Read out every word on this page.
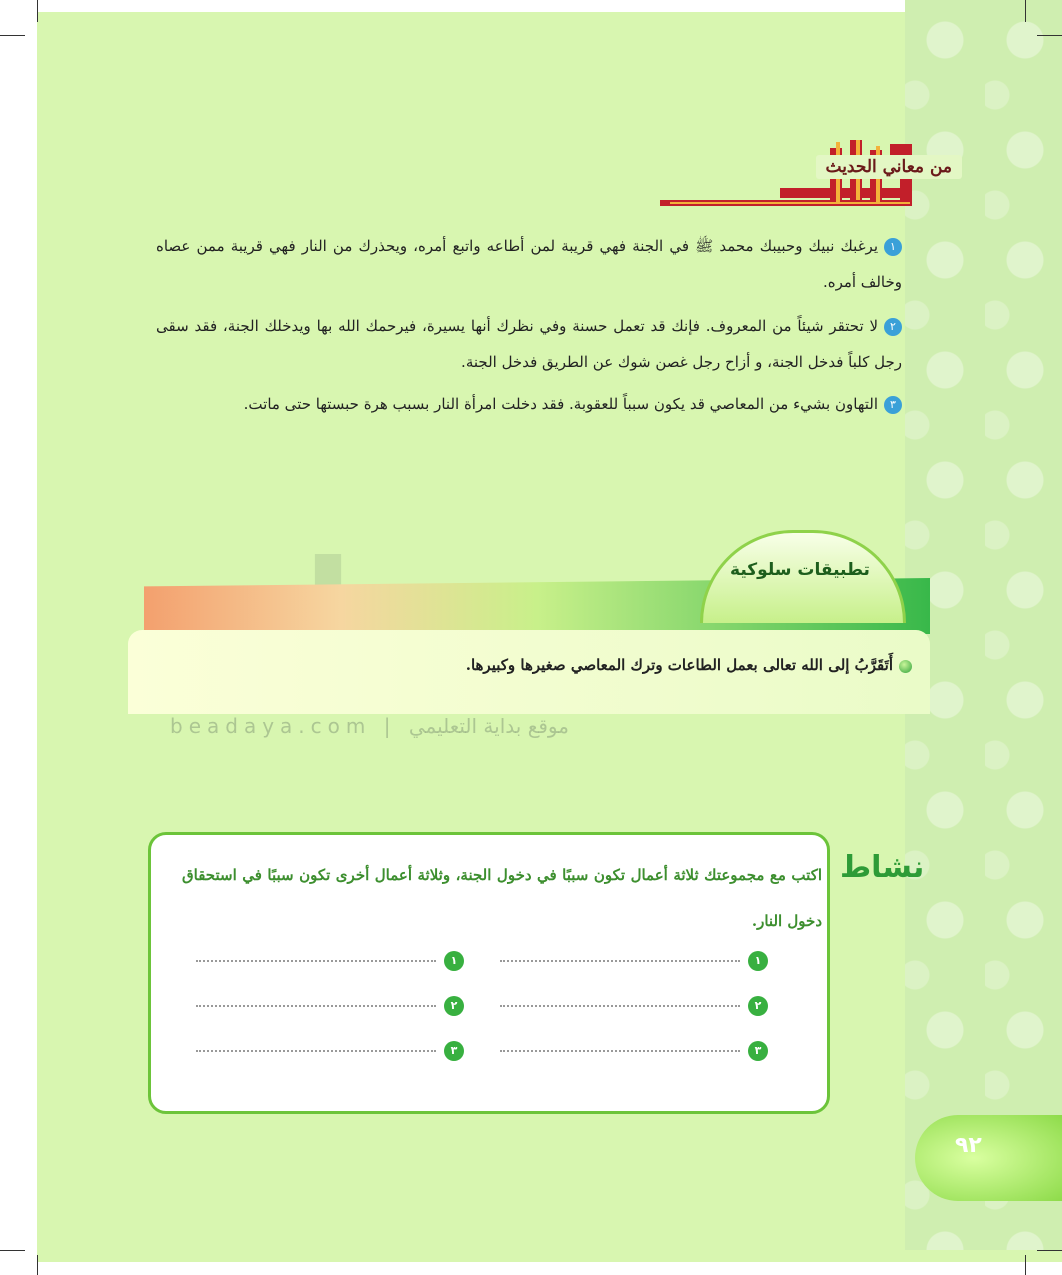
من معاني الحديث
١يرغبك نبيك وحبيبك محمد ﷺ في الجنة فهي قريبة لمن أطاعه واتبع أمره، ويحذرك من النار فهي قريبة ممن عصاه وخالف أمره.
٢لا تحتقر شيئاً من المعروف. فإنك قد تعمل حسنة وفي نظرك أنها يسيرة، فيرحمك الله بها ويدخلك الجنة، فقد سقى رجل كلباً فدخل الجنة، و أزاح رجل غصن شوك عن الطريق فدخل الجنة.
٣التهاون بشيء من المعاصي قد يكون سبباً للعقوبة. فقد دخلت امرأة النار بسبب هرة حبستها حتى ماتت.
تطبيقات سلوكية
أَتَقَرَّبُ إلى الله تعالى بعمل الطاعات وترك المعاصي صغيرها وكبيرها.
beadaya.com | موقع بداية التعليمي
نشاط
اكتب مع مجموعتك ثلاثة أعمال تكون سببًا في دخول الجنة، وثلاثة أعمال أخرى تكون سببًا في استحقاق دخول النار.
١
٢
٣
١
٢
٣
٩٢
